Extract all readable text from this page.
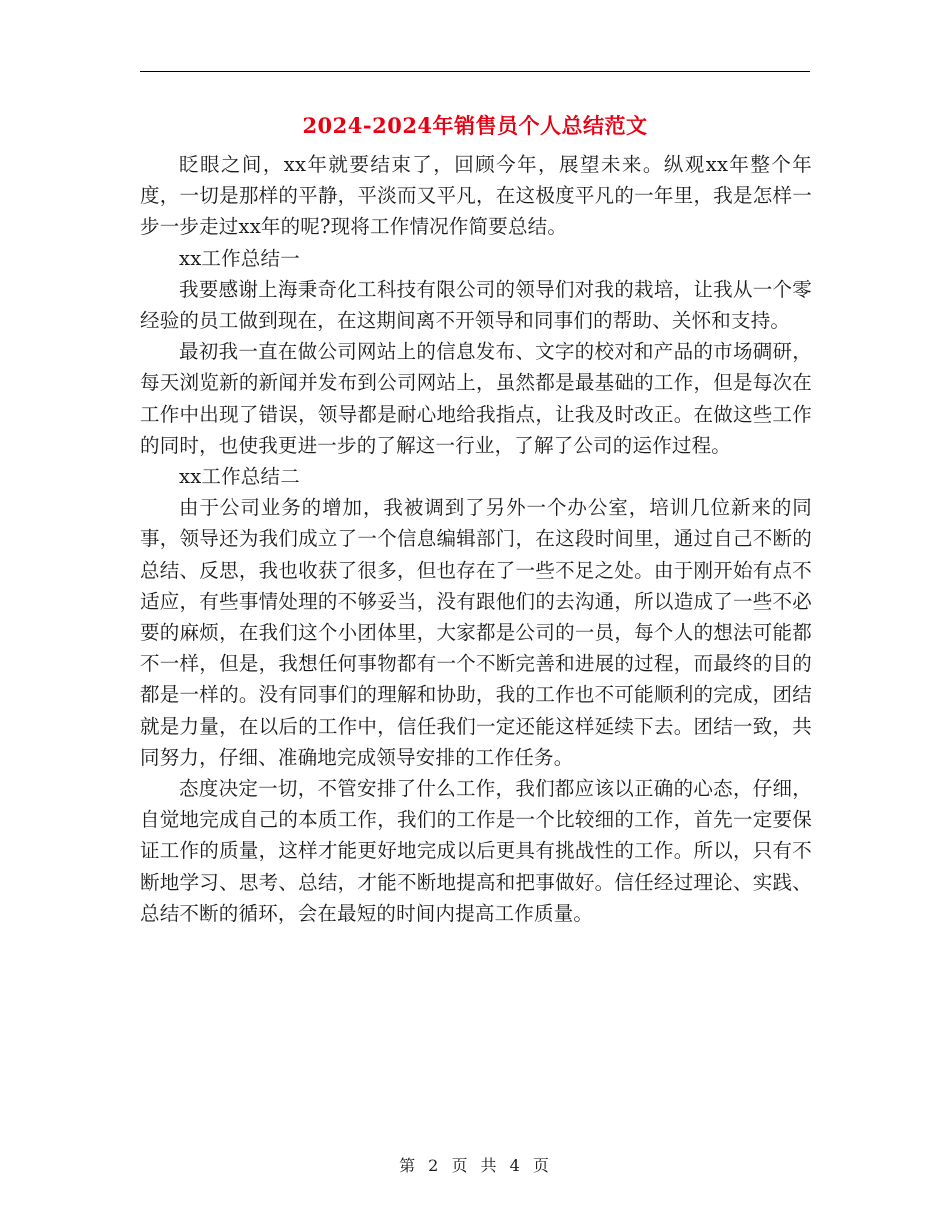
2024-2024年销售员个人总结范文

眨眼之间，xx年就要结束了，回顾今年，展望未来。纵观xx年整个年度，一切是那样的平静，平淡而又平凡，在这极度平凡的一年里，我是怎样一步一步走过xx年的呢?现将工作情况作简要总结。

xx工作总结一

我要感谢上海秉奇化工科技有限公司的领导们对我的栽培，让我从一个零经验的员工做到现在，在这期间离不开领导和同事们的帮助、关怀和支持。

最初我一直在做公司网站上的信息发布、文字的校对和产品的市场碉研，每天浏览新的新闻并发布到公司网站上，虽然都是最基础的工作，但是每次在工作中出现了错误，领导都是耐心地给我指点，让我及时改正。在做这些工作的同时，也使我更进一步的了解这一行业，了解了公司的运作过程。

xx工作总结二

由于公司业务的增加，我被调到了另外一个办公室，培训几位新来的同事，领导还为我们成立了一个信息编辑部门，在这段时间里，通过自己不断的总结、反思，我也收获了很多，但也存在了一些不足之处。由于刚开始有点不适应，有些事情处理的不够妥当，没有跟他们的去沟通，所以造成了一些不必要的麻烦，在我们这个小团体里，大家都是公司的一员，每个人的想法可能都不一样，但是，我想任何事物都有一个不断完善和进展的过程，而最终的目的都是一样的。没有同事们的理解和协助，我的工作也不可能顺利的完成，团结就是力量，在以后的工作中，信任我们一定还能这样延续下去。团结一致，共同努力，仔细、准确地完成领导安排的工作任务。

态度决定一切，不管安排了什么工作，我们都应该以正确的心态，仔细，自觉地完成自己的本质工作，我们的工作是一个比较细的工作，首先一定要保证工作的质量，这样才能更好地完成以后更具有挑战性的工作。所以，只有不断地学习、思考、总结，才能不断地提高和把事做好。信任经过理论、实践、总结不断的循环，会在最短的时间内提高工作质量。

第 2 页 共 4 页
